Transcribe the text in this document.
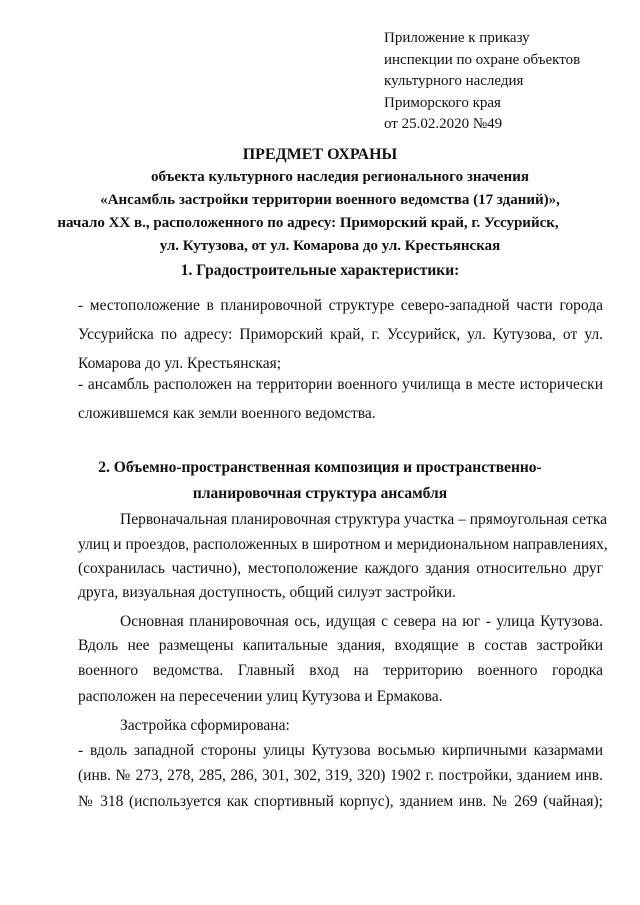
Приложение к приказу
инспекции по охране объектов
культурного наследия
Приморского края
от 25.02.2020 №49
ПРЕДМЕТ ОХРАНЫ
объекта культурного наследия регионального значения
«Ансамбль застройки территории военного ведомства (17 зданий)»,
начало XX в., расположенного по адресу: Приморский край, г. Уссурийск,
ул. Кутузова, от ул. Комарова до ул. Крестьянская
1. Градостроительные характеристики:
- местоположение в планировочной структуре северо-западной части города
Уссурийска по адресу: Приморский край, г. Уссурийск, ул. Кутузова, от ул.
Комарова до ул. Крестьянская;
- ансамбль расположен на территории военного училища в месте исторически
сложившемся как земли военного ведомства.
2. Объемно-пространственная композиция и пространственно-
планировочная структура ансамбля
Первоначальная планировочная структура участка – прямоугольная сетка
улиц и проездов, расположенных в широтном и меридиональном направлениях,
(сохранилась частично), местоположение каждого здания относительно друг
друга, визуальная доступность, общий силуэт застройки.
Основная планировочная ось, идущая с севера на юг - улица Кутузова.
Вдоль нее размещены капитальные здания, входящие в состав застройки
военного ведомства. Главный вход на территорию военного городка
расположен на пересечении улиц Кутузова и Ермакова.
Застройка сформирована:
- вдоль западной стороны улицы Кутузова восьмью кирпичными казармами
(инв. № 273, 278, 285, 286, 301, 302, 319, 320) 1902 г. постройки, зданием инв.
№ 318 (используется как спортивный корпус), зданием инв. № 269 (чайная);
